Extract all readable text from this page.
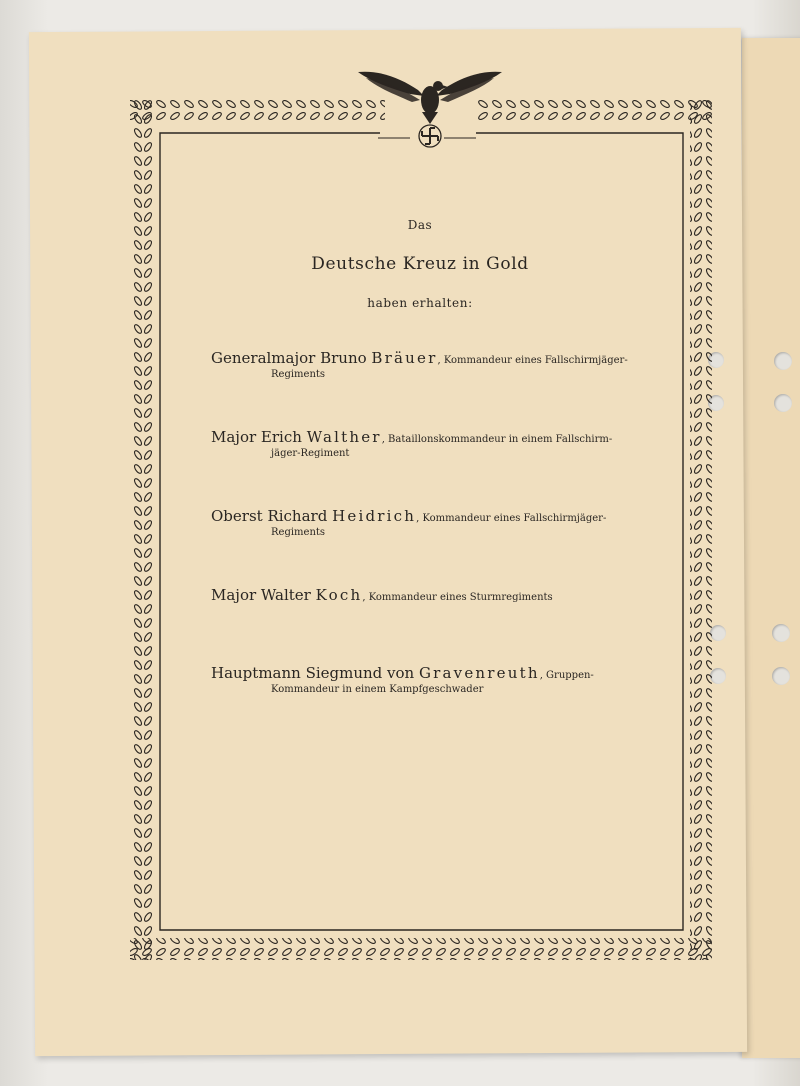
Das
Deutsche Kreuz in Gold
haben erhalten:
Generalmajor Bruno Bräuer, Kommandeur eines Fallschirmjäger-
Regiments
Major Erich Walther, Bataillonskommandeur in einem Fallschirm-
jäger-Regiment
Oberst Richard Heidrich, Kommandeur eines Fallschirmjäger-
Regiments
Major Walter Koch, Kommandeur eines Sturmregiments
Hauptmann Siegmund von Gravenreuth, Gruppen-
Kommandeur in einem Kampfgeschwader
